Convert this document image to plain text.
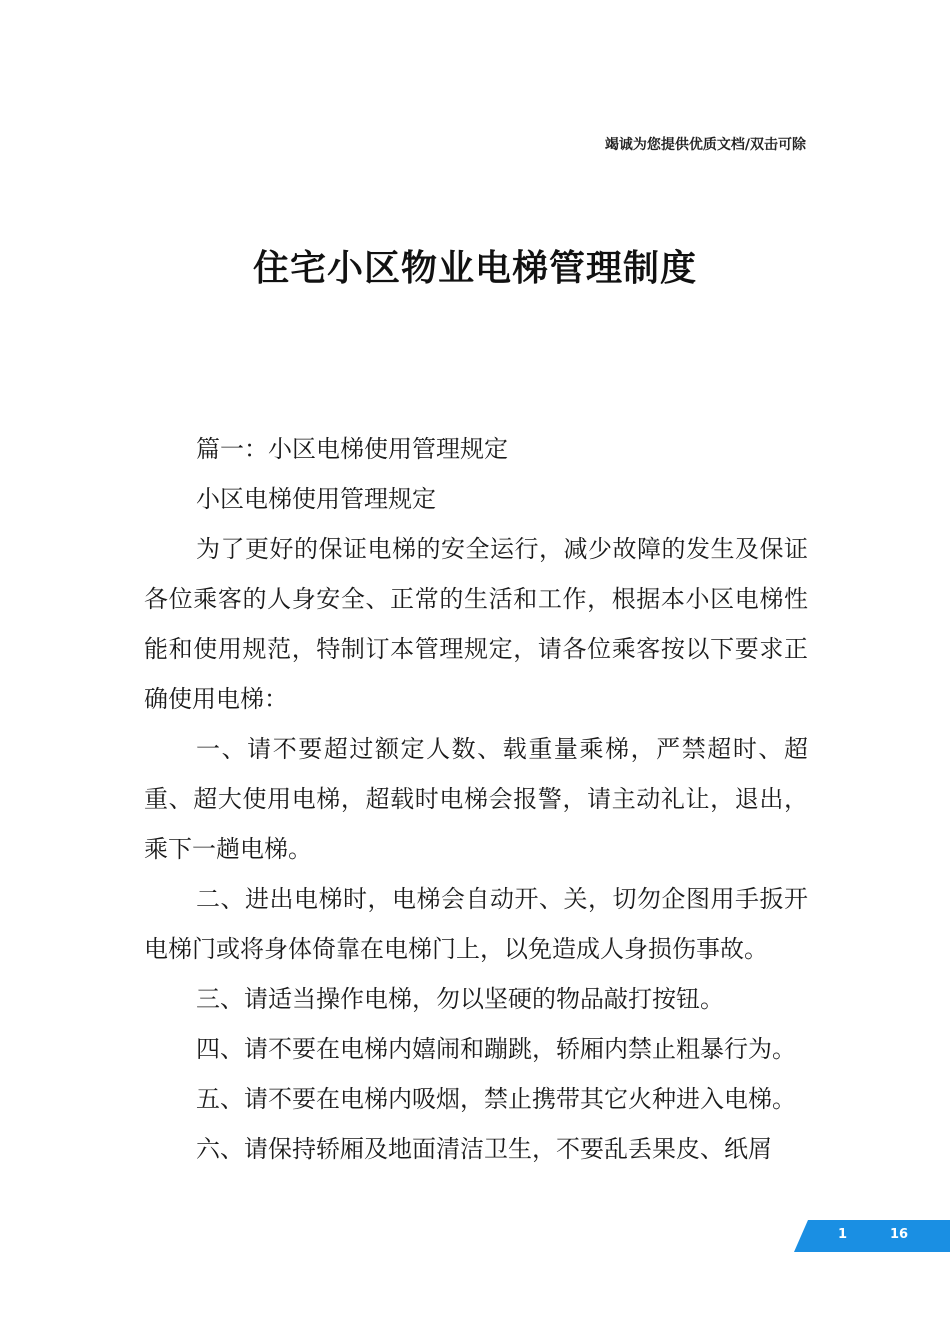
竭诚为您提供优质文档/双击可除
住宅小区物业电梯管理制度

篇一：小区电梯使用管理规定

小区电梯使用管理规定

为了更好的保证电梯的安全运行，减少故障的发生及保证各位乘客的人身安全、正常的生活和工作，根据本小区电梯性能和使用规范，特制订本管理规定，请各位乘客按以下要求正确使用电梯：

一、请不要超过额定人数、载重量乘梯，严禁超时、超重、超大使用电梯，超载时电梯会报警，请主动礼让，退出，乘下一趟电梯。

二、进出电梯时，电梯会自动开、关，切勿企图用手扳开电梯门或将身体倚靠在电梯门上，以免造成人身损伤事故。

三、请适当操作电梯，勿以坚硬的物品敲打按钮。

四、请不要在电梯内嬉闹和蹦跳，轿厢内禁止粗暴行为。

五、请不要在电梯内吸烟，禁止携带其它火种进入电梯。

六、请保持轿厢及地面清洁卫生，不要乱丢果皮、纸屑

1	16
